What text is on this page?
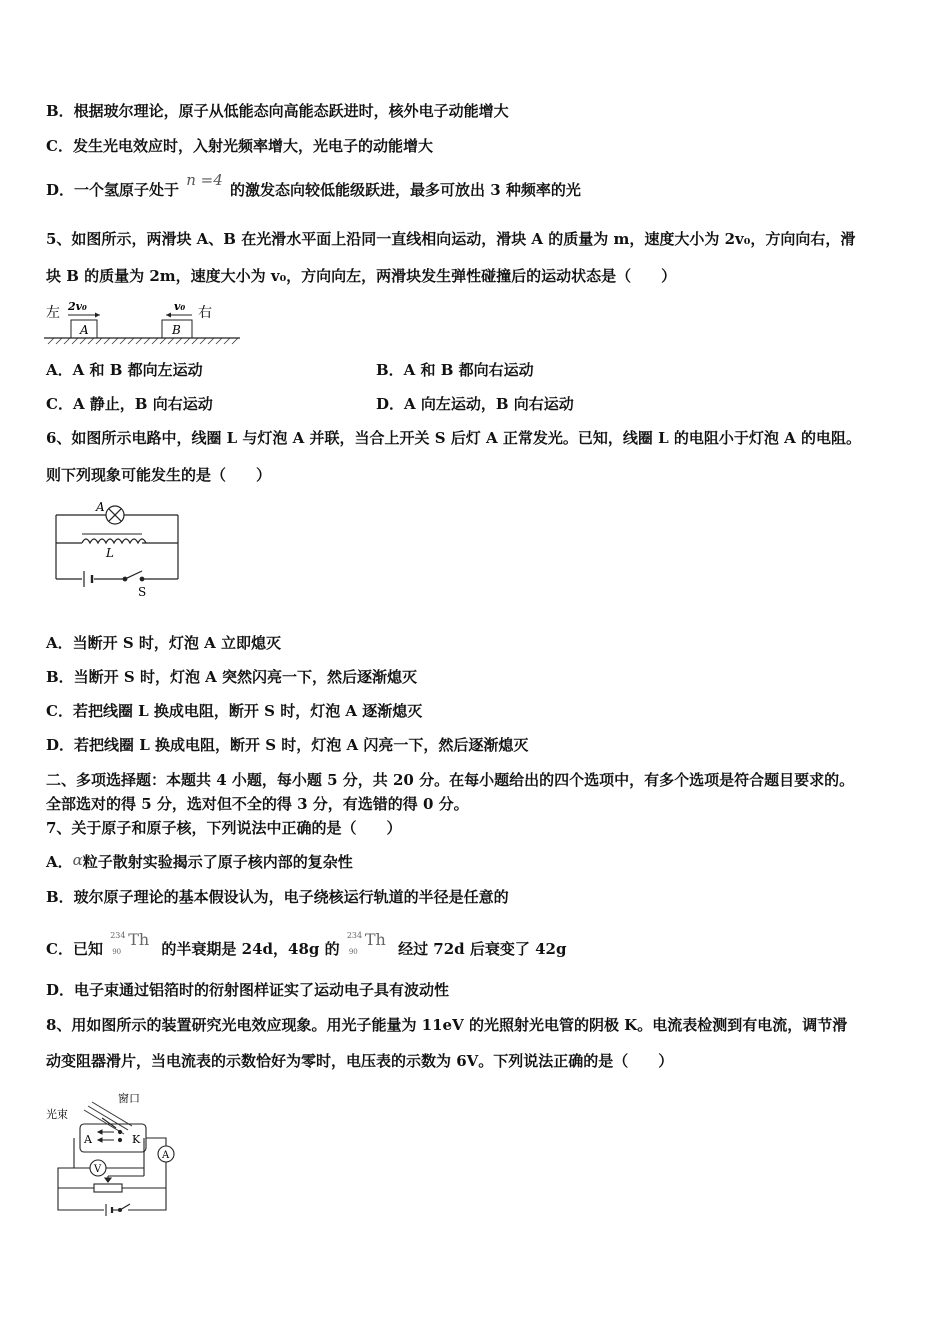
B．根据玻尔理论，原子从低能态向高能态跃进时，核外电子动能增大
C．发生光电效应时，入射光频率增大，光电子的动能增大
D．一个氢原子处于 n =4 的激发态向较低能级跃进，最多可放出 3 种频率的光
5、如图所示，两滑块 A、B 在光滑水平面上沿同一直线相向运动，滑块 A 的质量为 m，速度大小为 2v₀，方向向右，滑
块 B 的质量为 2m，速度大小为 v₀，方向向左，两滑块发生弹性碰撞后的运动状态是（　　）
左	右
2v₀	v₀
A	B
A．A 和 B 都向左运动	B．A 和 B 都向右运动
C．A 静止，B 向右运动	D．A 向左运动，B 向右运动
6、如图所示电路中，线圈 L 与灯泡 A 并联，当合上开关 S 后灯 A 正常发光。已知，线圈 L 的电阻小于灯泡 A 的电阻。
则下列现象可能发生的是（　　）
A
L
S
A．当断开 S 时，灯泡 A 立即熄灭
B．当断开 S 时，灯泡 A 突然闪亮一下，然后逐渐熄灭
C．若把线圈 L 换成电阻，断开 S 时，灯泡 A 逐渐熄灭
D．若把线圈 L 换成电阻，断开 S 时，灯泡 A 闪亮一下，然后逐渐熄灭
二、多项选择题：本题共 4 小题，每小题 5 分，共 20 分。在每小题给出的四个选项中，有多个选项是符合题目要求的。
全部选对的得 5 分，选对但不全的得 3 分，有选错的得 0 分。
7、关于原子和原子核，下列说法中正确的是（　　）
A．α粒子散射实验揭示了原子核内部的复杂性
B．玻尔原子理论的基本假设认为，电子绕核运行轨道的半径是任意的
C．已知
234
90
Th 的半衰期是 24d，48g 的
234
90
Th 经过 72d 后衰变了 42g
D．电子束通过铝箔时的衍射图样证实了运动电子具有波动性
8、用如图所示的装置研究光电效应现象。用光子能量为 11eV 的光照射光电管的阴极 K。电流表检测到有电流，调节滑
动变阻器滑片，当电流表的示数恰好为零时，电压表的示数为 6V。下列说法正确的是（　　）
光束
窗口
A	K
V
A
